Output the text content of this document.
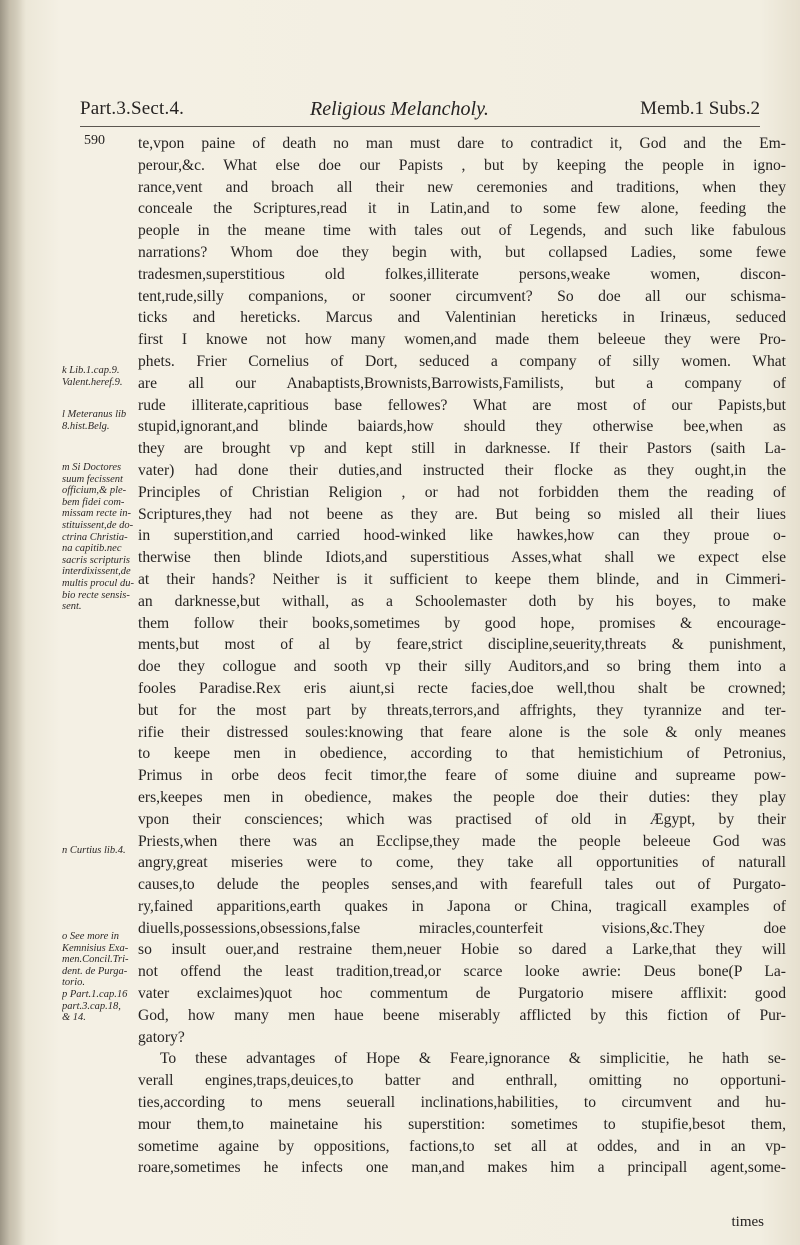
Part.3.Sect.4.	Religious Melancholy.	Memb.1 Subs.2
590 te,vpon paine of death no man must dare to contradict it, God and the Em-
perour,&c. What else doe our Papists , but by keeping the people in igno-
rance,vent and broach all their new ceremonies and traditions, when they
conceale the Scriptures,read it in Latin,and to some few alone, feeding the
people in the meane time with tales out of Legends, and such like fabulous
narrations? Whom doe they begin with, but collapsed Ladies, some fewe
tradesmen,superstitious old folkes,illiterate persons,weake women, discon-
tent,rude,silly companions, or sooner circumvent? So doe all our schisma-
ticks and hereticks. Marcus and Valentinian hereticks in Irinæus, seduced
first I knowe not how many women,and made them beleeue they were Pro-
phets. Frier Cornelius of Dort, seduced a company of silly women. What
are all our Anabaptists,Brownists,Barrowists,Familists, but a company of
rude illiterate,capritious base fellowes? What are most of our Papists,but
stupid,ignorant,and blinde baiards,how should they otherwise bee,when as
they are brought vp and kept still in darknesse. If their Pastors (saith La-
vater) had done their duties,and instructed their flocke as they ought,in the
Principles of Christian Religion , or had not forbidden them the reading of
Scriptures,they had not beene as they are. But being so misled all their liues
in superstition,and carried hood-winked like hawkes,how can they proue o-
therwise then blinde Idiots,and superstitious Asses,what shall we expect else
at their hands? Neither is it sufficient to keepe them blinde, and in Cimmeri-
an darknesse,but withall, as a Schoolemaster doth by his boyes, to make
them follow their books,sometimes by good hope, promises & encourage-
ments,but most of al by feare,strict discipline,seuerity,threats & punishment,
doe they collogue and sooth vp their silly Auditors,and so bring them into a
fooles Paradise.Rex eris aiunt,si recte facies,doe well,thou shalt be crowned;
but for the most part by threats,terrors,and affrights, they tyrannize and ter-
rifie their distressed soules:knowing that feare alone is the sole & only meanes
to keepe men in obedience, according to that hemistichium of Petronius,
Primus in orbe deos fecit timor,the feare of some diuine and supreame pow-
ers,keepes men in obedience, makes the people doe their duties: they play
vpon their consciences; which was practised of old in Ægypt, by their
Priests,when there was an Ecclipse,they made the people beleeue God was
angry,great miseries were to come, they take all opportunities of naturall
causes,to delude the peoples senses,and with fearefull tales out of Purgato-
ry,fained apparitions,earth quakes in Japona or China, tragicall examples of
diuells,possessions,obsessions,false miracles,counterfeit visions,&c.They doe
so insult ouer,and restraine them,neuer Hobie so dared a Larke,that they will
not offend the least tradition,tread,or scarce looke awrie: Deus bone(P La-
vater exclaimes)quot hoc commentum de Purgatorio misere afflixit: good
God, how many men haue beene miserably afflicted by this fiction of Pur-
gatory?
To these advantages of Hope & Feare,ignorance & simplicitie, he hath se-
verall engines,traps,deuices,to batter and enthrall, omitting no opportuni-
ties,according to mens seuerall inclinations,habilities, to circumvent and hu-
mour them,to mainetaine his superstition: sometimes to stupifie,besot them,
sometime againe by oppositions, factions,to set all at oddes, and in an vp-
roare,sometimes he infects one man,and makes him a principall agent,some-
k Lib.1.cap.9.
Valent.heref.9.
l Meteranus lib
8.hist.Belg.
m Si Doctores
suum fecissent
officium,& ple-
bem fidei com-
missam recte in-
stituissent,de do-
ctrina Christia-
na capitib.nec
sacris scripturis
interdixissent,de
multis procul du-
bio recte sensis-
sent.
n Curtius lib.4.
o See more in
Kemnisius Exa-
men.Concil.Tri-
dent. de Purga-
torio.
p Part.1.cap.16
part.3.cap.18,
& 14.
times
